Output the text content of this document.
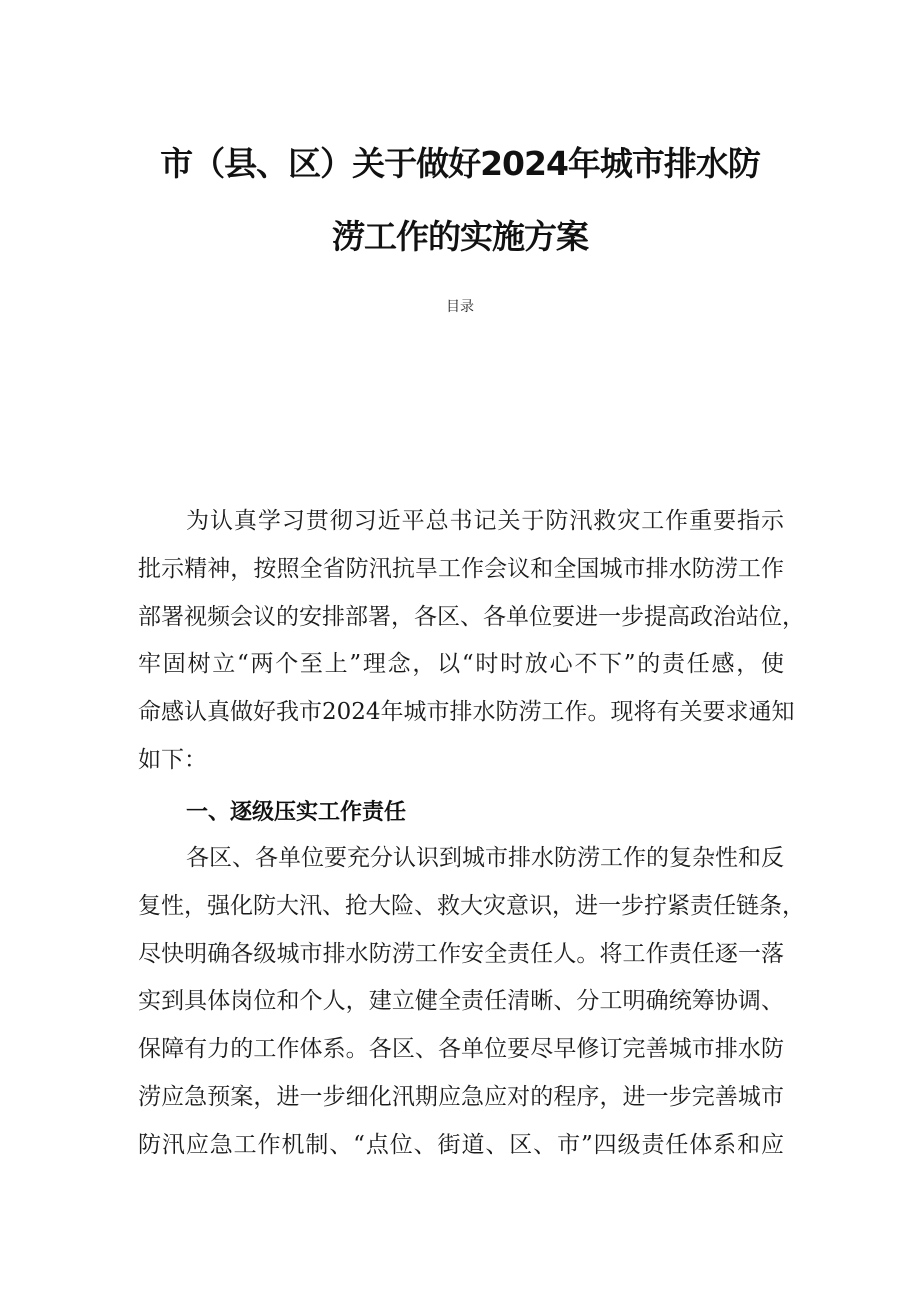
市（县、区）关于做好2024年城市排水防
涝工作的实施方案
目录
为认真学习贯彻习近平总书记关于防汛救灾工作重要指示
批示精神，按照全省防汛抗旱工作会议和全国城市排水防涝工作
部署视频会议的安排部署，各区、各单位要进一步提高政治站位，
牢固树立“两个至上”理念，以“时时放心不下”的责任感，使
命感认真做好我市2024年城市排水防涝工作。现将有关要求通知
如下：
一、逐级压实工作责任
各区、各单位要充分认识到城市排水防涝工作的复杂性和反
复性，强化防大汛、抢大险、救大灾意识，进一步拧紧责任链条，
尽快明确各级城市排水防涝工作安全责任人。将工作责任逐一落
实到具体岗位和个人，建立健全责任清晰、分工明确统筹协调、
保障有力的工作体系。各区、各单位要尽早修订完善城市排水防
涝应急预案，进一步细化汛期应急应对的程序，进一步完善城市
防汛应急工作机制、“点位、街道、区、市”四级责任体系和应
